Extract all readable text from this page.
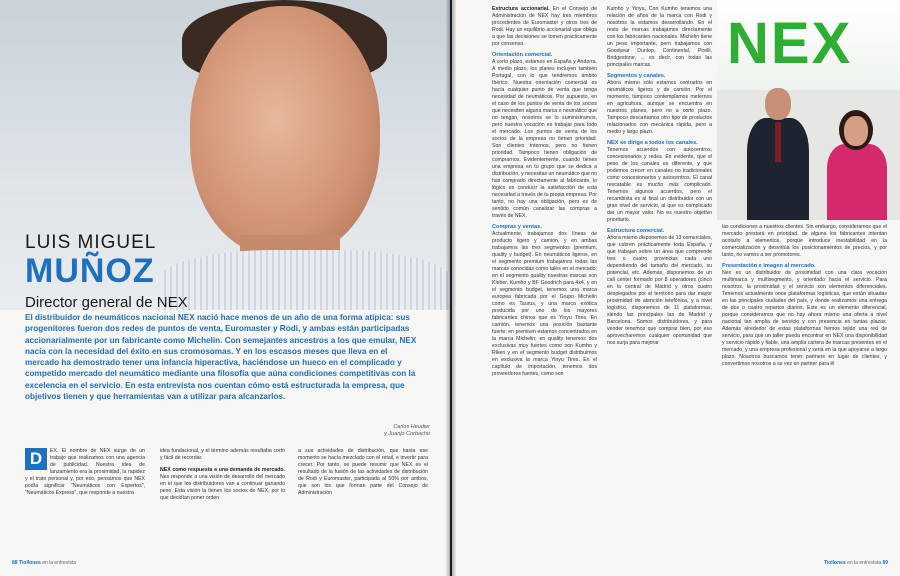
LUIS MIGUEL
MUÑOZ
Director general de NEX
El distribuidor de neumáticos nacional NEX nació hace menos de un año de una forma atípica: sus progenitores fueron dos redes de puntos de venta, Euromaster y Rodi, y ambas están participadas accionarialmente por un fabricante como Michelin. Con semejantes ancestros a los que emular, NEX nacía con la necesidad del éxito en sus cromosomas. Y en los escasos meses que lleva en el mercado ha demostrado tener una infancia hiperactiva, haciéndose un hueco en el complicado y competido mercado del neumático mediante una filosofía que aúna condiciones competitivas con la excelencia en el servicio. En esta entrevista nos cuentan cómo está estructurada la empresa, que objetivos tienen y que herramientas van a utilizar para alcanzarlos.
Carlos Heudier
y Juanjo Corbacho
D	EX. El nombre de NEX surge de un trabajo que realizamos con una agencia de publicidad. Nuestra idea de lanzamiento era la proximidad, la rapidez y el trato personal y, por eso, pensamos que NEX podía significar "Neumáticos con Expertos", "Neumáticos Express", que responde a nuestra

idea fundacional, y el término además resultaba corto y fácil de recordar.

NEX como respuesta a una demanda de mercado. Nex responde a una visión de desarrollo del mercado en el que los distribuidores van a continuar ganando peso. Esta visión la tienen los socios de NEX, por lo que decidían poner orden

a sus actividades de distribución, que hasta ese momento se hacía mezclado con el retail, e invertir para crecer. Por tanto, se puede resumir que NEX es el resultado de la fusión de las actividades de distribución de Rodi y Euromaster, participada al 50% por ambos, que son los que forman parte del Consejo de Administración
88 Tiollones en la entrevista

Estructura accionarial. En el Consejo de Administración de NEX hay tres miembros procedentes de Euromaster y otros tres de Rodi. Hay un equilibrio accionarial que obliga a que las decisiones se tomen prácticamente por consenso.

Orientación comercial.

A corto plazo, estamos en España y Andorra. A medio plazo, los planes incluyen también Portugal, con lo que tendremos ámbito Ibérico. Nuestra orientación comercial es hacia cualquier punto de venta que tenga necesidad de neumáticos. Por supuesto, en el caso de los puntos de venta de los socios que necesiten alguna marca o neumático que no tengan, nosotros se lo suministramos, pero nuestra vocación es trabajar para todo el mercado. Los puntos de venta de los socios de la empresa no tienen prioridad. Son clientes internos, pero no tienen prioridad. Tampoco tienen obligación de comprarnos. Evidentemente, cuando tienes una empresa en tu grupo que se dedica a distribución, y necesitas un neumático que no has comprado directamente al fabricante, lo lógico es conducir la satisfacción de esta necesidad a través de tu propia empresa. Por tanto, no hay una obligación, pero es de sentido común canalizar las compras a través de NEX.

Compras y ventas.

Actualmente, trabajamos dos líneas de producto ligero y camión, y en ambas trabajamos las tres segmentos (premium, quality y budget). En neumáticos ligeros, en el segmento premium trabajamos todas las marcas conocidas como tales en el mercado; en el segmento quality nuestras marcas son Kleber, Kumho y BF Goodrich para 4x4, y en el segmento budget, tenemos una marca europea fabricada por el Grupo Michelin como es Taurus, y una marca exótica producida por uno de los mayores fabricantes chinos que es Yinyu Tires. En camión, tenemos una posición bastante fuerte: en premium estamos concentrados en la marca Michelin; en quality tenemos dos exclusivas muy fuertes como son Kumho y Riken y en el segmento budget distribuimos en exclusiva la marca Yinyu Tires. En el capítulo de importación, tenemos dos proveedores fuertes, como son

Kumho y Yinyu. Con Kumho tenemos una relación de años de la marca con Rodi y nosotros la estamos desarrollando. En el resto de marcas trabajamos directamente con los fabricantes nacionales. Michelin tiene un peso importante, pero trabajamos con Goodyear Dunlop, Continental, Pirelli, Bridgestone, ... es decir, con todas las principales marcas.

Segmentos y canales.

Ahora mismo sólo estamos centrados en neumáticos ligeros y de camión. Por el momento, tampoco contemplamos meternos en agricultura, aunque se encuentra en nuestros planes, pero no a corto plazo. Tampoco descartamos otro tipo de productos relacionados con mecánica rápida, pero a medio y largo plazo.

NEX se dirige a todos los canales.

Tenemos acuerdos con autocentros, concesionarios y redes. Es evidente, que el peso de los canales es diferente, y que podemos crecer en canales no tradicionales como concesionarios y autocentros. El canal rescatable es mucho más complicado. Tenemos algunos acuerdos, pero el recambista es al final un distribuidor con un gran nivel de servicio, al que es complicado dar un mayor valor. No es nuestro objetivo prioritario.

Estructura comercial.

Ahora mismo disponemos de 13 comerciales, que cubren prácticamente toda España, y que trabajan sobre un área que comprende tres o cuatro provincias cada uno dependiendo del tamaño del mercado, su potencial, etc. Además, disponemos de un call center formado por 8 operadores (cinco en la central de Madrid y otros cuatro desplegados por el territorio para dar mayor proximidad de atención telefónica, y a nivel logístico, disponemos de 11 plataformas, siendo las principales las de Madrid y Barcelona. Somos distribuidores, y para vender tenemos que comprar bien, por eso aprovecharemos cualquier oportunidad que nos surja para mejorar

NEX

las condiciones a nuestros clientes. Sin embargo, consideramos que el mercado prestará en prioridad, de alguna los fabricantes intentan acotarlo a elementos, porque introduce inestabilidad en la comercialización y desvirtúa los posicionamientos de precios, y por tanto, no vamos a ser promotores.

Presentación e imagen al mercado.

Nex es un distribuidor de proximidad con una clara vocación multimarca y multisegmento, y orientado hacia el servicio. Para nosotros, la proximidad y el servicio son elementos diferenciales. Tenemos actualmente once plataformas logísticas, que están situadas en las principales ciudades del país, y donde realizamos una entrega de dos o cuatro repartos diarios. Este es un elemento diferencial, porque consideramos que no hay ahora mismo una oferta a nivel nacional tan amplia de servicio y con presencia en tantas plazas. Además alrededor de estas plataformas hemos tejido una red de servicio, para que un taller pueda encontrar en NEX una disponibilidad y servicio rápido y fiable, una amplia cartera de marcas presentes en el mercado, y una empresa profesional y seria en la que apoyarse a largo plazo. Nosotros buscamos tener partners en lugar de clientes, y convertimos nosotros a su vez en partner para él

Tiollones en la entrevista 89
